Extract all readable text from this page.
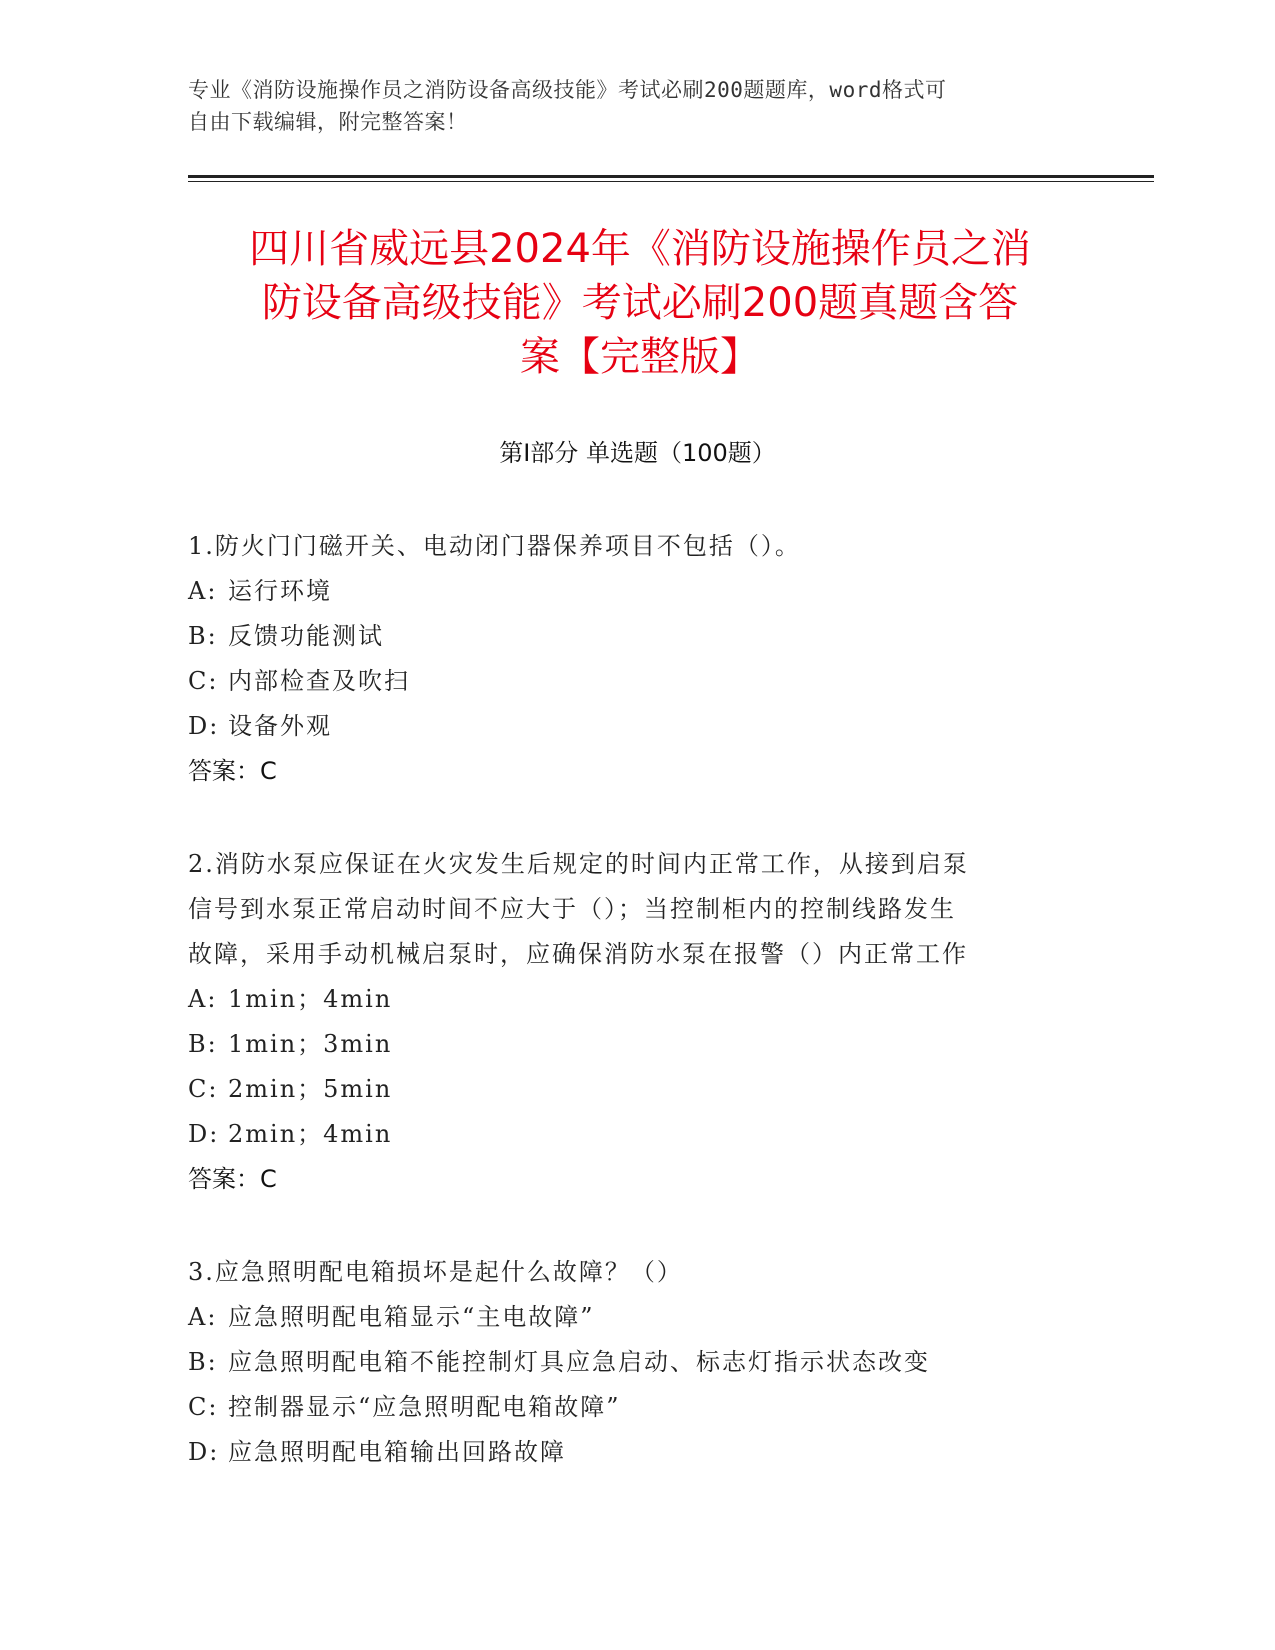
专业《消防设施操作员之消防设备高级技能》考试必刷200题题库，word格式可
自由下载编辑，附完整答案！
四川省威远县2024年《消防设施操作员之消
防设备高级技能》考试必刷200题真题含答
案【完整版】
第Ⅰ部分 单选题（100题）

1.防火门门磁开关、电动闭门器保养项目不包括（）。

A: 运行环境

B: 反馈功能测试

C: 内部检查及吹扫

D: 设备外观

答案：C

2.消防水泵应保证在火灾发生后规定的时间内正常工作，从接到启泵

信号到水泵正常启动时间不应大于（）；当控制柜内的控制线路发生

故障，采用手动机械启泵时，应确保消防水泵在报警（）内正常工作

A: 1min；4min

B: 1min；3min

C: 2min；5min

D: 2min；4min

答案：C

3.应急照明配电箱损坏是起什么故障？（）

A: 应急照明配电箱显示“主电故障”

B: 应急照明配电箱不能控制灯具应急启动、标志灯指示状态改变

C: 控制器显示“应急照明配电箱故障”

D: 应急照明配电箱输出回路故障
